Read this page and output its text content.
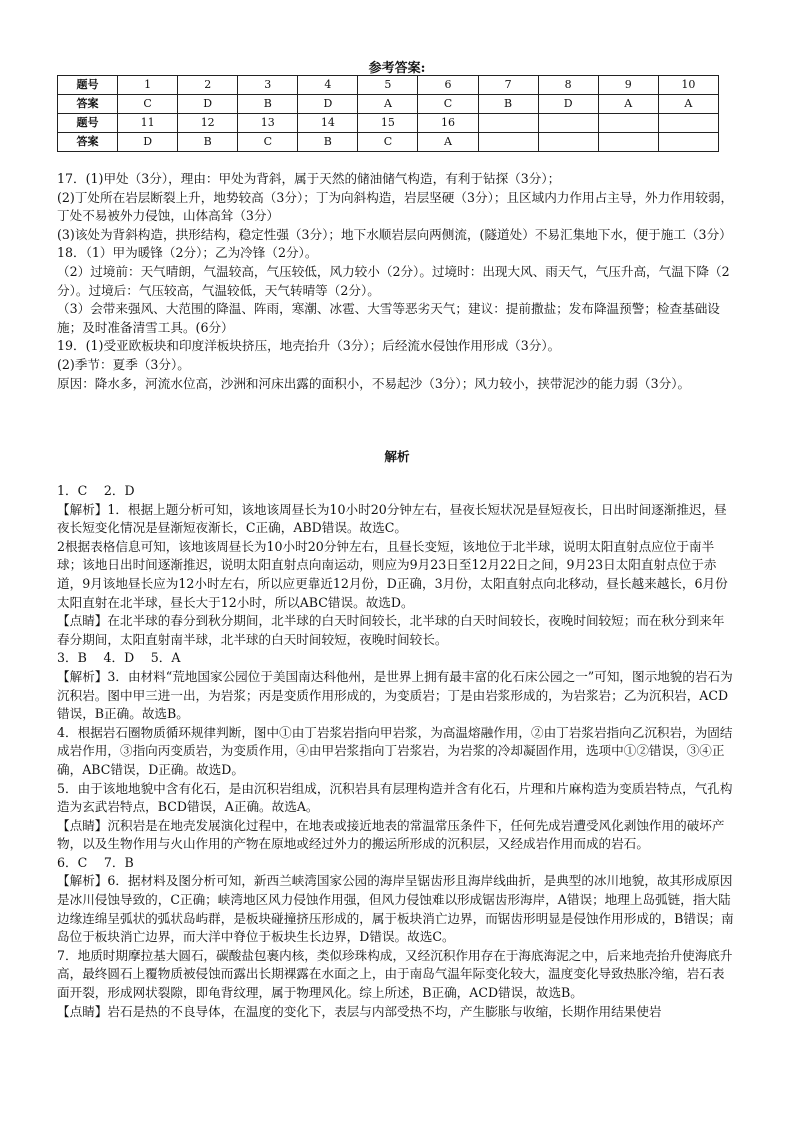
参考答案:
题号	1	2	3	4	5	6	7	8	9	10
答案	C	D	B	D	A	C	B	D	A	A
题号	11	12	13	14	15	16				
答案	D	B	C	B	C	A				

17．(1)甲处（3分），理由：甲处为背斜，属于天然的储油储气构造，有利于钻探（3分）；

(2)丁处所在岩层断裂上升，地势较高（3分）；丁为向斜构造，岩层坚硬（3分）；且区域内力作用占主导，外力作用较弱，丁处不易被外力侵蚀，山体高耸（3分）

(3)该处为背斜构造，拱形结构，稳定性强（3分）；地下水顺岩层向两侧流，(隧道处）不易汇集地下水，便于施工（3分）

18．（1）甲为暖锋（2分）；乙为冷锋（2分）。

（2）过境前：天气晴朗，气温较高，气压较低，风力较小（2分）。过境时：出现大风、雨天气，气压升高，气温下降（2分）。过境后：气压较高，气温较低，天气转晴等（2分）。

（3）会带来强风、大范围的降温、阵雨，寒潮、冰雹、大雪等恶劣天气；建议：提前撒盐；发布降温预警；检查基础设施；及时准备清雪工具。(6分）

19．(1)受亚欧板块和印度洋板块挤压，地壳抬升（3分）；后经流水侵蚀作用形成（3分）。

(2)季节：夏季（3分）。

原因：降水多，河流水位高，沙洲和河床出露的面积小，不易起沙（3分）；风力较小，挟带泥沙的能力弱（3分）。

解析

1．C　 2．D

【解析】1．根据上题分析可知，该地该周昼长为10小时20分钟左右，昼夜长短状况是昼短夜长，日出时间逐渐推迟，昼夜长短变化情况是昼渐短夜渐长，C正确，ABD错误。故选C。

2根据表格信息可知，该地该周昼长为10小时20分钟左右，且昼长变短，该地位于北半球，说明太阳直射点应位于南半球；该地日出时间逐渐推迟，说明太阳直射点向南运动，则应为9月23日至12月22日之间，9月23日太阳直射点位于赤道，9月该地昼长应为12小时左右，所以应更靠近12月份，D正确，3月份，太阳直射点向北移动，昼长越来越长，6月份太阳直射在北半球，昼长大于12小时，所以ABC错误。故选D。

【点睛】在北半球的春分到秋分期间，北半球的白天时间较长，北半球的白天时间较长，夜晚时间较短；而在秋分到来年春分期间，太阳直射南半球，北半球的白天时间较短，夜晚时间较长。

3．B　 4．D　 5．A

【解析】3．由材料“荒地国家公园位于美国南达科他州，是世界上拥有最丰富的化石床公园之一”可知，图示地貌的岩石为沉积岩。图中甲三进一出，为岩浆；丙是变质作用形成的，为变质岩；丁是由岩浆形成的，为岩浆岩；乙为沉积岩，ACD错误，B正确。故选B。

4．根据岩石圈物质循环规律判断，图中①由丁岩浆岩指向甲岩浆，为高温熔融作用，②由丁岩浆岩指向乙沉积岩，为固结成岩作用，③指向丙变质岩，为变质作用，④由甲岩浆指向丁岩浆岩，为岩浆的冷却凝固作用，选项中①②错误，③④正确，ABC错误，D正确。故选D。

5．由于该地地貌中含有化石，是由沉积岩组成，沉积岩具有层理构造并含有化石，片理和片麻构造为变质岩特点，气孔构造为玄武岩特点，BCD错误，A正确。故选A。

【点睛】沉积岩是在地壳发展演化过程中，在地表或接近地表的常温常压条件下，任何先成岩遭受风化剥蚀作用的破坏产物，以及生物作用与火山作用的产物在原地或经过外力的搬运所形成的沉积层，又经成岩作用而成的岩石。

6．C　 7．B

【解析】6．据材料及图分析可知，新西兰峡湾国家公园的海岸呈锯齿形且海岸线曲折，是典型的冰川地貌，故其形成原因是冰川侵蚀导致的，C正确；峡湾地区风力侵蚀作用强，但风力侵蚀难以形成锯齿形海岸，A错误；地理上岛弧链，指大陆边缘连绵呈弧状的弧状岛屿群，是板块碰撞挤压形成的，属于板块消亡边界，而锯齿形明显是侵蚀作用形成的，B错误；南岛位于板块消亡边界，而大洋中脊位于板块生长边界，D错误。故选C。

7．地质时期摩拉基大圆石，碳酸盐包裹内核，类似珍珠构成，又经沉积作用存在于海底海泥之中，后来地壳抬升使海底升高，最终圆石上覆物质被侵蚀而露出长期裸露在水面之上，由于南岛气温年际变化较大，温度变化导致热胀冷缩，岩石表面开裂，形成网状裂隙，即龟背纹理，属于物理风化。综上所述，B正确，ACD错误，故选B。

【点睛】岩石是热的不良导体，在温度的变化下，表层与内部受热不均，产生膨胀与收缩，长期作用结果使岩
